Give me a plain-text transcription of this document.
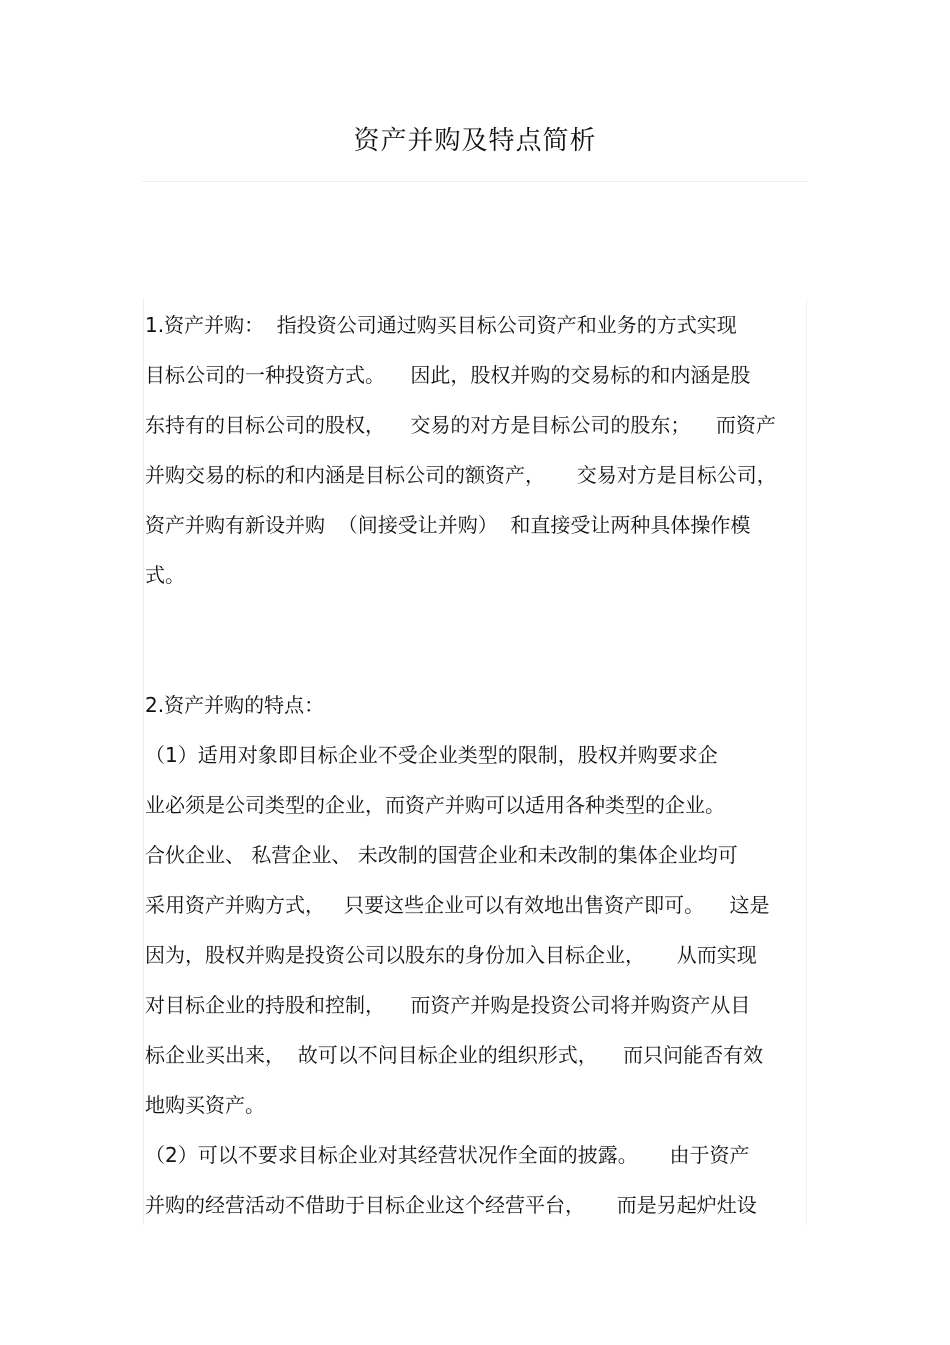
资产并购及特点简析
1.资产并购：  指投资公司通过购买目标公司资产和业务的方式实现
目标公司的一种投资方式。    因此，股权并购的交易标的和内涵是股
东持有的目标公司的股权，    交易的对方是目标公司的股东；    而资产
并购交易的标的和内涵是目标公司的额资产，     交易对方是目标公司，
资产并购有新设并购  （间接受让并购）  和直接受让两种具体操作模
式。
2.资产并购的特点：
（1）适用对象即目标企业不受企业类型的限制，股权并购要求企
业必须是公司类型的企业，而资产并购可以适用各种类型的企业。
合伙企业、 私营企业、 未改制的国营企业和未改制的集体企业均可
采用资产并购方式，   只要这些企业可以有效地出售资产即可。    这是
因为，股权并购是投资公司以股东的身份加入目标企业，     从而实现
对目标企业的持股和控制，    而资产并购是投资公司将并购资产从目
标企业买出来，  故可以不问目标企业的组织形式，    而只问能否有效
地购买资产。
（2）可以不要求目标企业对其经营状况作全面的披露。     由于资产
并购的经营活动不借助于目标企业这个经营平台，     而是另起炉灶设
